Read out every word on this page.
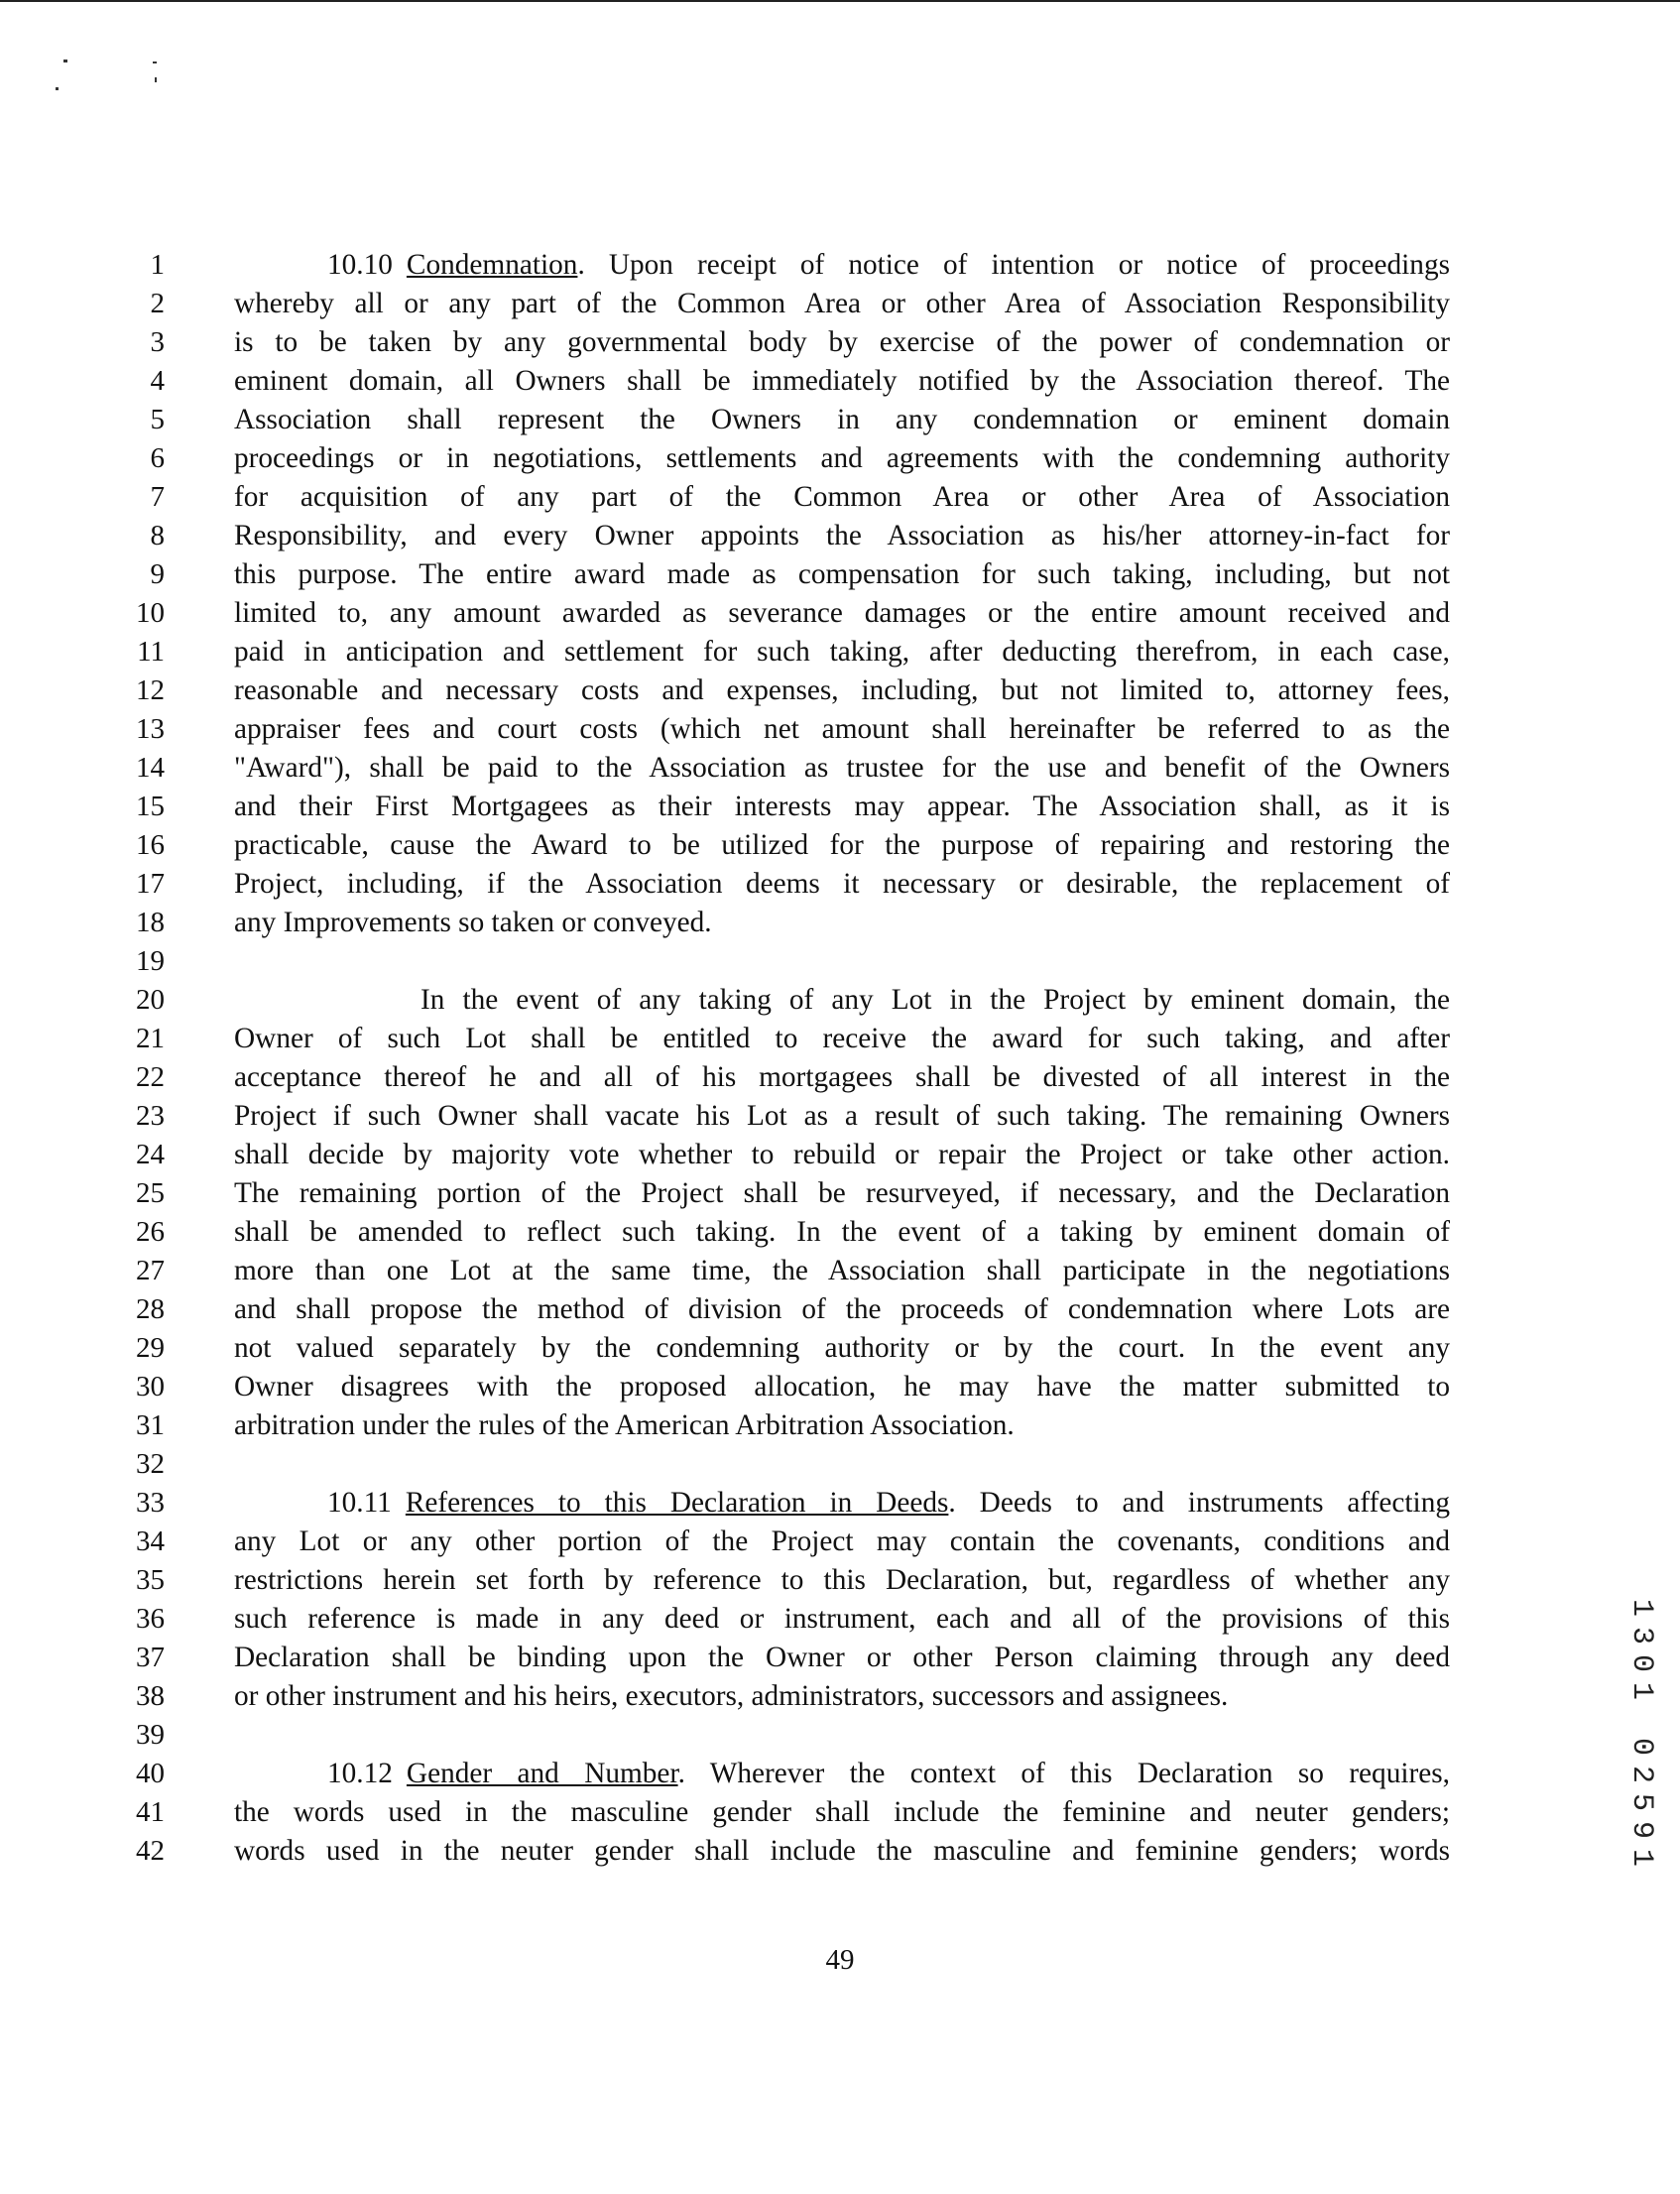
1
2
3
4
5
6
7
8
9
10
11
12
13
14
15
16
17
18
19
20
21
22
23
24
25
26
27
28
29
30
31
32
33
34
35
36
37
38
39
40
41
42
10.10 Condemnation. Upon receipt of notice of intention or notice of proceedings
whereby all or any part of the Common Area or other Area of Association Responsibility
is to be taken by any governmental body by exercise of the power of condemnation or
eminent domain, all Owners shall be immediately notified by the Association thereof. The
Association shall represent the Owners in any condemnation or eminent domain
proceedings or in negotiations, settlements and agreements with the condemning authority
for acquisition of any part of the Common Area or other Area of Association
Responsibility, and every Owner appoints the Association as his/her attorney-in-fact for
this purpose. The entire award made as compensation for such taking, including, but not
limited to, any amount awarded as severance damages or the entire amount received and
paid in anticipation and settlement for such taking, after deducting therefrom, in each case,
reasonable and necessary costs and expenses, including, but not limited to, attorney fees,
appraiser fees and court costs (which net amount shall hereinafter be referred to as the
"Award"), shall be paid to the Association as trustee for the use and benefit of the Owners
and their First Mortgagees as their interests may appear. The Association shall, as it is
practicable, cause the Award to be utilized for the purpose of repairing and restoring the
Project, including, if the Association deems it necessary or desirable, the replacement of
any Improvements so taken or conveyed.
In the event of any taking of any Lot in the Project by eminent domain, the
Owner of such Lot shall be entitled to receive the award for such taking, and after
acceptance thereof he and all of his mortgagees shall be divested of all interest in the
Project if such Owner shall vacate his Lot as a result of such taking. The remaining Owners
shall decide by majority vote whether to rebuild or repair the Project or take other action.
The remaining portion of the Project shall be resurveyed, if necessary, and the Declaration
shall be amended to reflect such taking. In the event of a taking by eminent domain of
more than one Lot at the same time, the Association shall participate in the negotiations
and shall propose the method of division of the proceeds of condemnation where Lots are
not valued separately by the condemning authority or by the court. In the event any
Owner disagrees with the proposed allocation, he may have the matter submitted to
arbitration under the rules of the American Arbitration Association.
10.11 References to this Declaration in Deeds. Deeds to and instruments affecting
any Lot or any other portion of the Project may contain the covenants, conditions and
restrictions herein set forth by reference to this Declaration, but, regardless of whether any
such reference is made in any deed or instrument, each and all of the provisions of this
Declaration shall be binding upon the Owner or other Person claiming through any deed
or other instrument and his heirs, executors, administrators, successors and assignees.
10.12 Gender and Number. Wherever the context of this Declaration so requires,
the words used in the masculine gender shall include the feminine and neuter genders;
words used in the neuter gender shall include the masculine and feminine genders; words
49
1301 02591
